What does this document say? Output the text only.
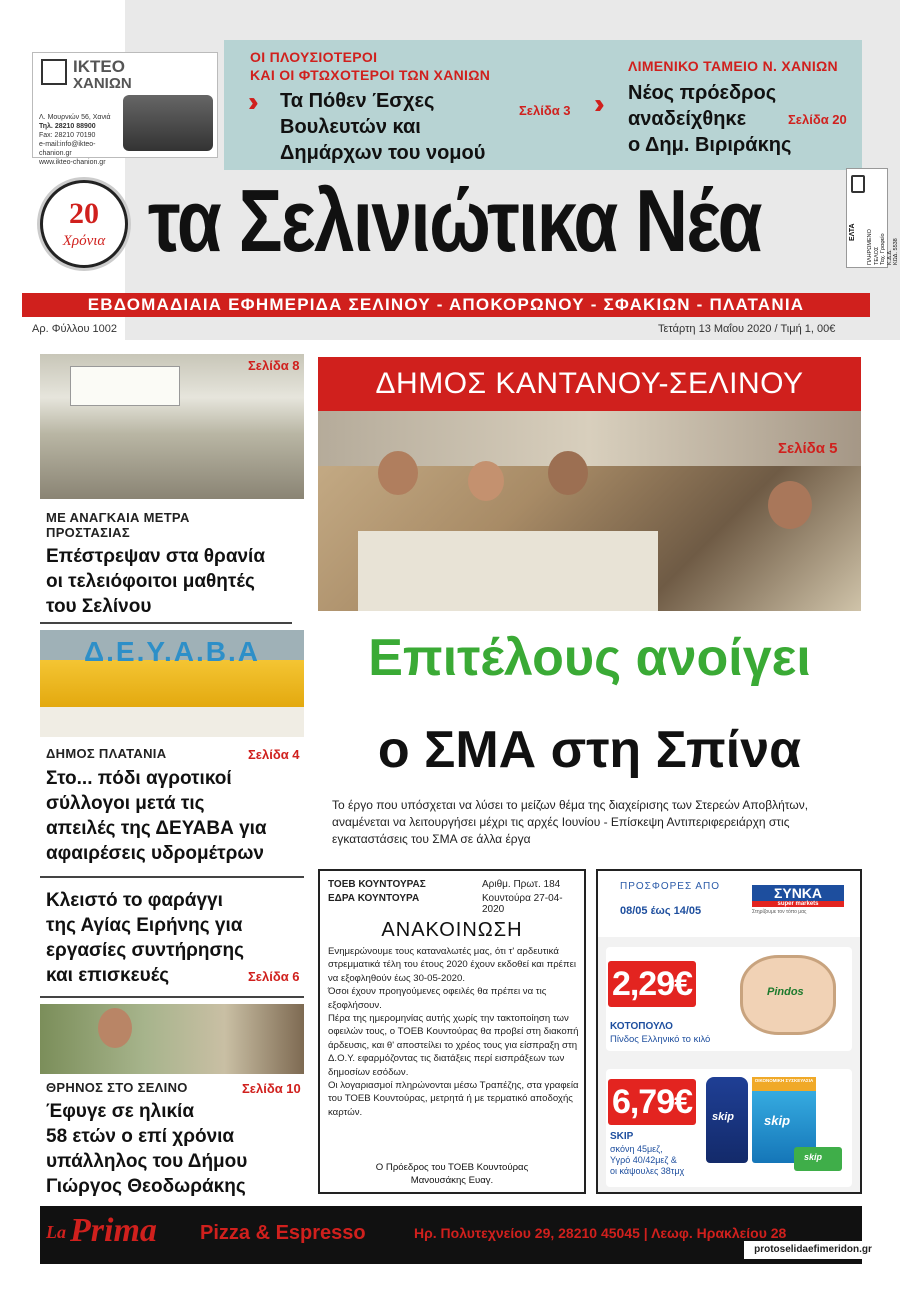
ΙΚΤΕΟ
ΧΑΝΙΩΝ
Λ. Μουρνιών 56, Χανιά
Τηλ. 28210 88900
Fax: 28210 70190
e-mail:info@ikteo-chanion.gr
www.ikteo-chanion.gr
ΟΙ ΠΛΟΥΣΙΟΤΕΡΟΙ
ΚΑΙ ΟΙ ΦΤΩΧΟΤΕΡΟΙ ΤΩΝ ΧΑΝΙΩΝ
›› Τα Πόθεν Έσχες
Βουλευτών και
Δημάρχων του νομού
Σελίδα 3
ΛΙΜΕΝΙΚΟ ΤΑΜΕΙΟ Ν. ΧΑΝΙΩΝ
›› Νέος πρόεδρος
αναδείχθηκε
ο Δημ. Βιριράκης
Σελίδα 20
20
Χρόνια τα Σελινιώτικα Νέα	ΕΛΤΑ ΠΛΗΡΩΜΕΝΟ ΤΕΛΟΣ Ταχ. Γραφείο Κ.Δ.Δ. ΚΩΔ. 5538
ΕΒΔΟΜΑΔΙΑΙΑ ΕΦΗΜΕΡΙΔΑ ΣΕΛΙΝΟΥ - ΑΠΟΚΟΡΩΝΟΥ - ΣΦΑΚΙΩΝ - ΠΛΑΤΑΝΙΑ
Αρ. Φύλλου 1002	Τετάρτη 13 Μαΐου 2020 / Τιμή 1, 00€
Σελίδα 8
ΜΕ ΑΝΑΓΚΑΙΑ ΜΕΤΡΑ
ΠΡΟΣΤΑΣΙΑΣ
Επέστρεψαν στα θρανία
οι τελειόφοιτοι μαθητές
του Σελίνου
Δ.Ε.Υ.Α.Β.Α
ΔΗΜΟΣ ΠΛΑΤΑΝΙΑ	Σελίδα 4
Στο... πόδι αγροτικοί
σύλλογοι μετά τις
απειλές της ΔΕΥΑΒΑ για
αφαιρέσεις υδρομέτρων
Κλειστό το φαράγγι
της Αγίας Ειρήνης για
εργασίες συντήρησης
και επισκευές	Σελίδα 6
ΘΡΗΝΟΣ ΣΤΟ ΣΕΛΙΝΟ	Σελίδα 10
Έφυγε σε ηλικία
58 ετών ο επί χρόνια
υπάλληλος του Δήμου
Γιώργος Θεοδωράκης
ΔΗΜΟΣ ΚΑΝΤΑΝΟΥ-ΣΕΛΙΝΟΥ
Σελίδα 5
Επιτέλους ανοίγει
ο ΣΜΑ στη Σπίνα
Το έργο που υπόσχεται να λύσει το μείζων θέμα της διαχείρισης των Στερεών Αποβλήτων, αναμένεται να λειτουργήσει μέχρι τις αρχές Ιουνίου - Επίσκεψη Αντιπεριφερειάρχη στις εγκαταστάσεις του ΣΜΑ σε άλλα έργα
ΤΟΕΒ ΚΟΥΝΤΟΥΡΑΣ
ΕΔΡΑ ΚΟΥΝΤΟΥΡΑ
Αριθμ. Πρωτ. 184
Κουντούρα 27-04-2020
ΑΝΑΚΟΙΝΩΣΗ
Ενημερώνουμε τους καταναλωτές μας, ότι τ' αρδευτικά στρεμματικά τέλη του έτους 2020 έχουν εκδοθεί και πρέπει να εξοφληθούν έως 30-05-2020.
Όσοι έχουν προηγούμενες οφειλές θα πρέπει να τις εξοφλήσουν.
Πέρα της ημερομηνίας αυτής χωρίς την τακτοποίηση των οφειλών τους, ο ΤΟΕΒ Κουντούρας θα προβεί στη διακοπή άρδευσις, και θ' αποστείλει το χρέος τους για είσπραξη στη Δ.Ο.Υ. εφαρμόζοντας τις διατάξεις περί εισπράξεων των δημοσίων εσόδων.
Οι λογαριασμοί πληρώνονται μέσω Τραπέζης, στα γραφεία του ΤΟΕΒ Κουντούρας, μετρητά ή με τερματικό αποδοχής καρτών.
Ο Πρόεδρος του ΤΟΕΒ Κουντούρας
Μανουσάκης Ευαγ.
ΠΡΟΣΦΟΡΕΣ ΑΠΟ	ΣΥΝΚΑ
super markets
Στηρίζουμε τον τόπο μας
08/05 έως 14/05
2,29€	Pindos
ΚΟΤΟΠΟΥΛΟ
Πίνδος Ελληνικό το κιλό
6,79€	skip
ΟΙΚΟΝΟΜΙΚΗ ΣΥΣΚΕΥΑΣΙΑ
skip
skip
SKIP
σκόνη 45μεζ,
Υγρό 40/42μεζ &
οι κάψουλες 38τμχ
La Prima Pizza & Espresso	Ηρ. Πολυτεχνείου 29, 28210 45045 | Λεωφ. Ηρακλείου 28
protoselidaefimeridon.gr
